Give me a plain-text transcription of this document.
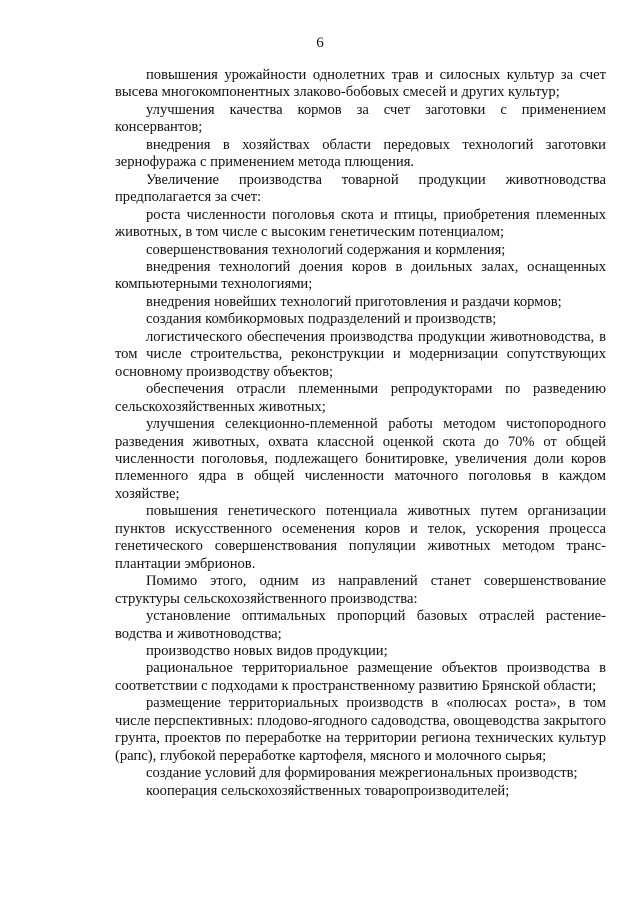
6

повышения урожайности однолетних трав и силосных культур за счет высева многокомпонентных злаково-бобовых смесей и других культур;

улучшения качества кормов за счет заготовки с применением консервантов;

внедрения в хозяйствах области передовых технологий заготовки зернофуража с применением метода плющения.

Увеличение производства товарной продукции животноводства предполагается за счет:

роста численности поголовья скота и птицы, приобретения племенных животных, в том числе с высоким генетическим потенциалом;

совершенствования технологий содержания и кормления;

внедрения технологий доения коров в доильных залах, оснащенных компьютерными технологиями;

внедрения новейших технологий приготовления и раздачи кормов;

создания комбикормовых подразделений и производств;

логистического обеспечения производства продукции животноводства, в том числе строительства, реконструкции и модернизации сопутствующих основному производству объектов;

обеспечения отрасли племенными репродукторами по разведению сельскохозяйственных животных;

улучшения селекционно-племенной работы методом чистопородного разведения животных, охвата классной оценкой скота до 70% от общей численности поголовья, подлежащего бонитировке, увеличения доли коров племенного ядра в общей численности маточного поголовья в каждом хозяйстве;

повышения генетического потенциала животных путем организации пунктов искусственного осеменения коров и телок, ускорения процесса генетического совершенствования популяции животных методом трансплантации эмбрионов.

Помимо этого, одним из направлений станет совершенствование структуры сельскохозяйственного производства:

установление оптимальных пропорций базовых отраслей растениеводства и животноводства;

производство новых видов продукции;

рациональное территориальное размещение объектов производства в соответствии с подходами к пространственному развитию Брянской области;

размещение территориальных производств в «полюсах роста», в том числе перспективных: плодово-ягодного садоводства, овощеводства закрытого грунта, проектов по переработке на территории региона технических культур (рапс), глубокой переработке картофеля, мясного и молочного сырья;

создание условий для формирования межрегиональных производств;

кооперация сельскохозяйственных товаропроизводителей;
